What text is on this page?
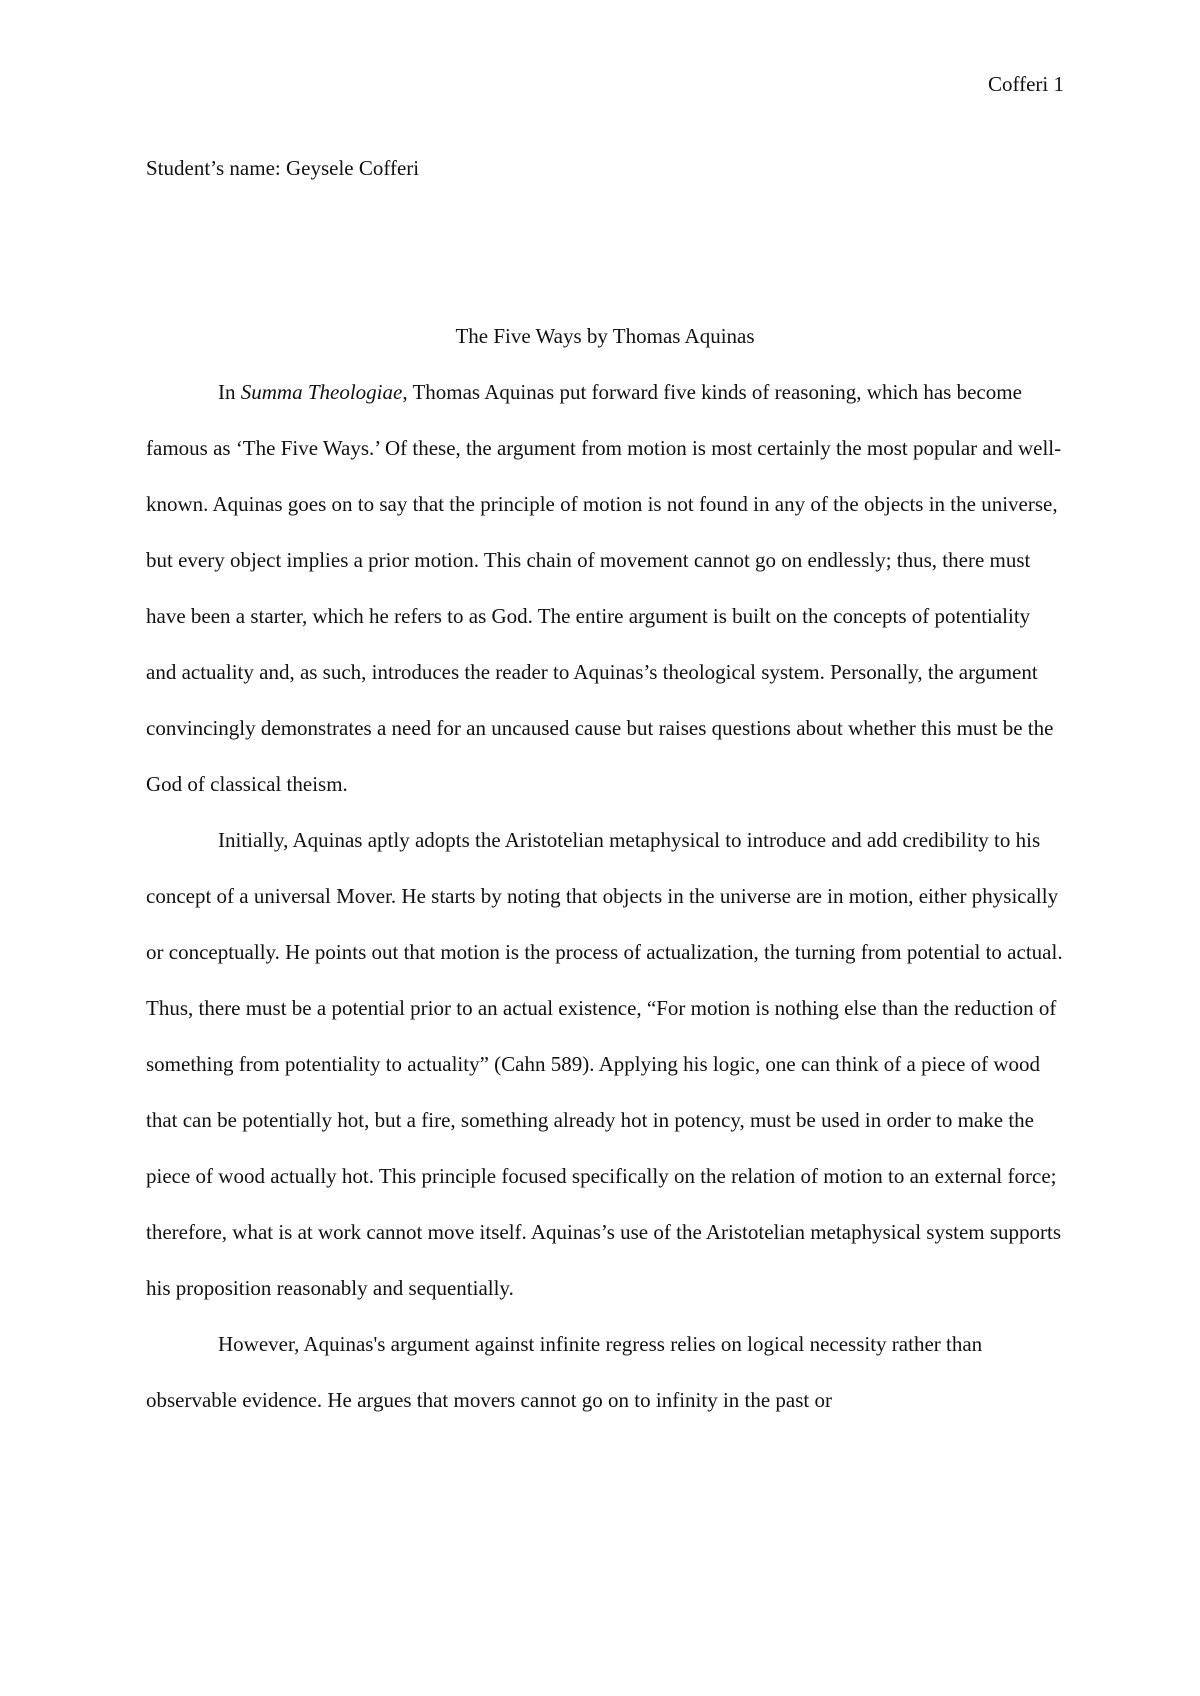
Cofferi 1

Student’s name: Geysele Cofferi

The Five Ways by Thomas Aquinas

In Summa Theologiae, Thomas Aquinas put forward five kinds of reasoning, which has become famous as ‘The Five Ways.’ Of these, the argument from motion is most certainly the most popular and well-known. Aquinas goes on to say that the principle of motion is not found in any of the objects in the universe, but every object implies a prior motion. This chain of movement cannot go on endlessly; thus, there must have been a starter, which he refers to as God. The entire argument is built on the concepts of potentiality and actuality and, as such, introduces the reader to Aquinas’s theological system. Personally, the argument convincingly demonstrates a need for an uncaused cause but raises questions about whether this must be the God of classical theism.

Initially, Aquinas aptly adopts the Aristotelian metaphysical to introduce and add credibility to his concept of a universal Mover. He starts by noting that objects in the universe are in motion, either physically or conceptually. He points out that motion is the process of actualization, the turning from potential to actual. Thus, there must be a potential prior to an actual existence, “For motion is nothing else than the reduction of something from potentiality to actuality” (Cahn 589). Applying his logic, one can think of a piece of wood that can be potentially hot, but a fire, something already hot in potency, must be used in order to make the piece of wood actually hot. This principle focused specifically on the relation of motion to an external force; therefore, what is at work cannot move itself. Aquinas’s use of the Aristotelian metaphysical system supports his proposition reasonably and sequentially.

However, Aquinas's argument against infinite regress relies on logical necessity rather than observable evidence. He argues that movers cannot go on to infinity in the past or
